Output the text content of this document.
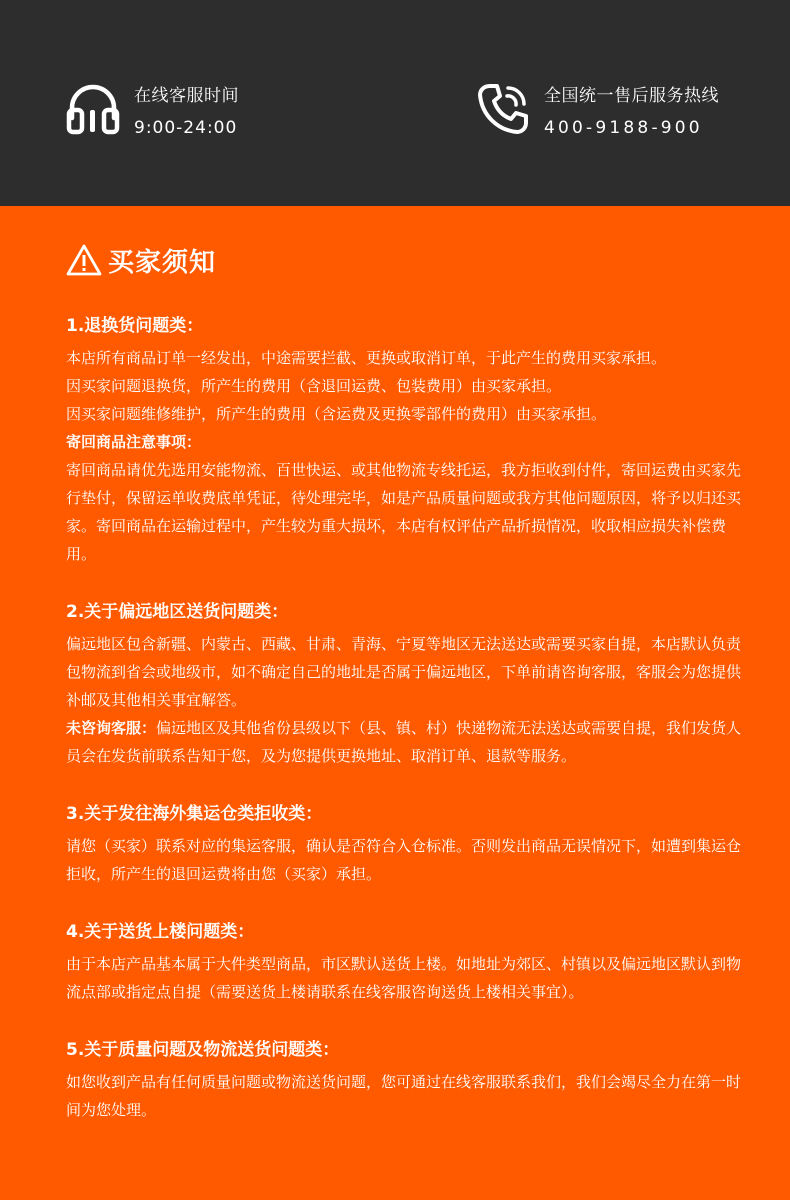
在线客服时间
9:00-24:00
全国统一售后服务热线
400-9188-900
买家须知
1.退换货问题类：

本店所有商品订单一经发出，中途需要拦截、更换或取消订单，于此产生的费用买家承担。

因买家问题退换货，所产生的费用（含退回运费、包装费用）由买家承担。

因买家问题维修维护，所产生的费用（含运费及更换零部件的费用）由买家承担。

寄回商品注意事项：

寄回商品请优先选用安能物流、百世快运、或其他物流专线托运，我方拒收到付件，寄回运费由买家先行垫付，保留运单收费底单凭证，待处理完毕，如是产品质量问题或我方其他问题原因，将予以归还买家。寄回商品在运输过程中，产生较为重大损坏，本店有权评估产品折损情况，收取相应损失补偿费用。

2.关于偏远地区送货问题类：

偏远地区包含新疆、内蒙古、西藏、甘肃、青海、宁夏等地区无法送达或需要买家自提，本店默认负责包物流到省会或地级市，如不确定自己的地址是否属于偏远地区，下单前请咨询客服，客服会为您提供补邮及其他相关事宜解答。

未咨询客服：偏远地区及其他省份县级以下（县、镇、村）快递物流无法送达或需要自提，我们发货人员会在发货前联系告知于您，及为您提供更换地址、取消订单、退款等服务。

3.关于发往海外集运仓类拒收类：

请您（买家）联系对应的集运客服，确认是否符合入仓标准。否则发出商品无误情况下，如遭到集运仓拒收，所产生的退回运费将由您（买家）承担。

4.关于送货上楼问题类：

由于本店产品基本属于大件类型商品，市区默认送货上楼。如地址为郊区、村镇以及偏远地区默认到物流点部或指定点自提（需要送货上楼请联系在线客服咨询送货上楼相关事宜）。

5.关于质量问题及物流送货问题类：

如您收到产品有任何质量问题或物流送货问题，您可通过在线客服联系我们，我们会竭尽全力在第一时间为您处理。
